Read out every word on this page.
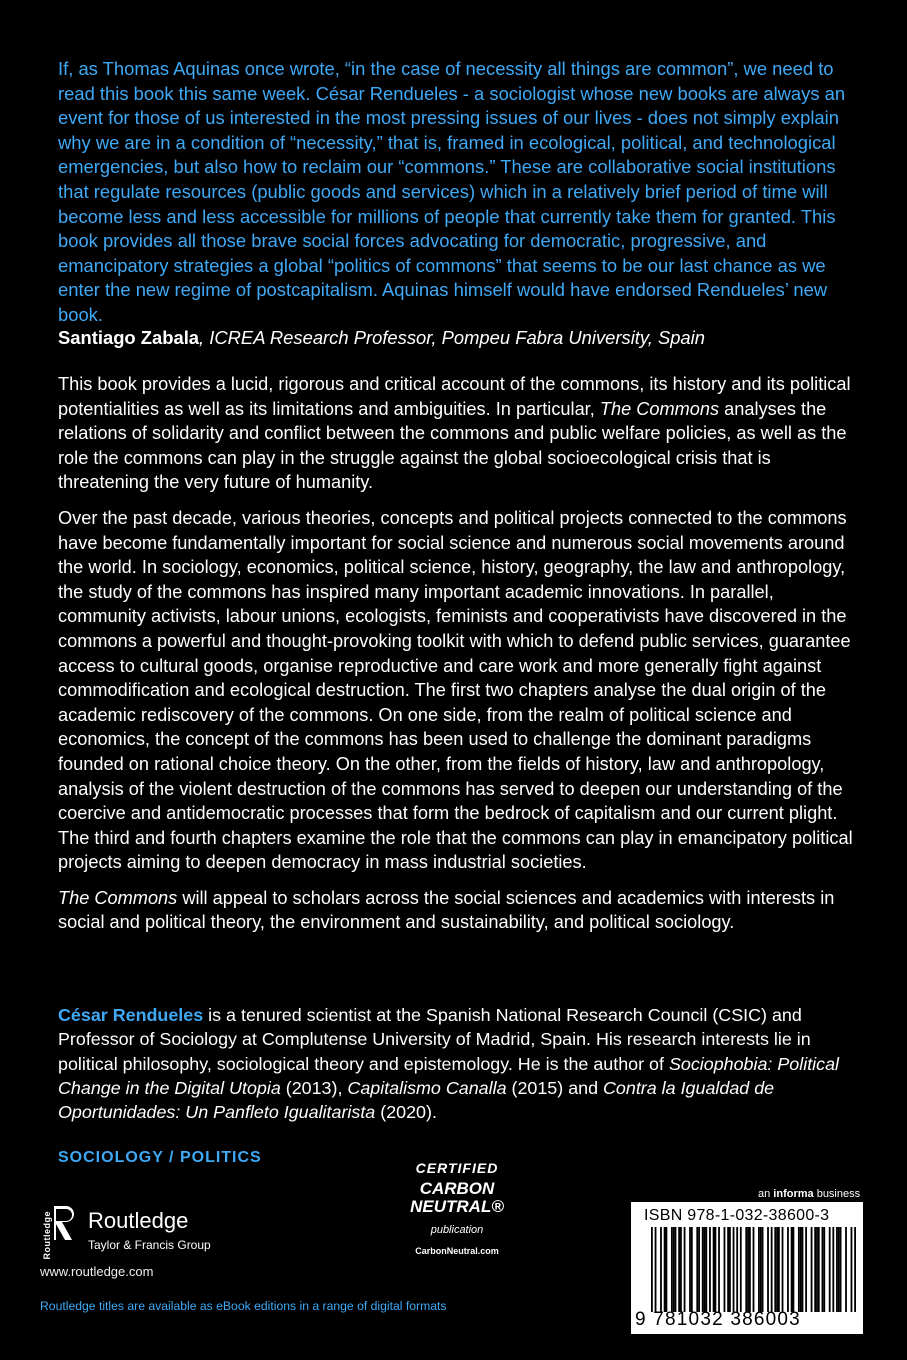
If, as Thomas Aquinas once wrote, “in the case of necessity all things are common”, we need to read this book this same week. César Rendueles - a sociologist whose new books are always an event for those of us interested in the most pressing issues of our lives - does not simply explain why we are in a condition of “necessity,” that is, framed in ecological, political, and technological emergencies, but also how to reclaim our “commons.” These are collaborative social institutions that regulate resources (public goods and services) which in a relatively brief period of time will become less and less accessible for millions of people that currently take them for granted. This book provides all those brave social forces advocating for democratic, progressive, and emancipatory strategies a global “politics of commons” that seems to be our last chance as we enter the new regime of postcapitalism. Aquinas himself would have endorsed Rendueles’ new book.

Santiago Zabala, ICREA Research Professor, Pompeu Fabra University, Spain

This book provides a lucid, rigorous and critical account of the commons, its history and its political potentialities as well as its limitations and ambiguities. In particular, The Commons analyses the relations of solidarity and conflict between the commons and public welfare policies, as well as the role the commons can play in the struggle against the global socioecological crisis that is threatening the very future of humanity.

Over the past decade, various theories, concepts and political projects connected to the commons have become fundamentally important for social science and numerous social movements around the world. In sociology, economics, political science, history, geography, the law and anthropology, the study of the commons has inspired many important academic innovations. In parallel, community activists, labour unions, ecologists, feminists and cooperativists have discovered in the commons a powerful and thought-provoking toolkit with which to defend public services, guarantee access to cultural goods, organise reproductive and care work and more generally fight against commodification and ecological destruction. The first two chapters analyse the dual origin of the academic rediscovery of the commons. On one side, from the realm of political science and economics, the concept of the commons has been used to challenge the dominant paradigms founded on rational choice theory. On the other, from the fields of history, law and anthropology, analysis of the violent destruction of the commons has served to deepen our understanding of the coercive and antidemocratic processes that form the bedrock of capitalism and our current plight. The third and fourth chapters examine the role that the commons can play in emancipatory political projects aiming to deepen democracy in mass industrial societies.

The Commons will appeal to scholars across the social sciences and academics with interests in social and political theory, the environment and sustainability, and political sociology.

César Rendueles is a tenured scientist at the Spanish National Research Council (CSIC) and Professor of Sociology at Complutense University of Madrid, Spain. His research interests lie in political philosophy, sociological theory and epistemology. He is the author of Sociophobia: Political Change in the Digital Utopia (2013), Capitalismo Canalla (2015) and Contra la Igualdad de Oportunidades: Un Panfleto Igualitarista (2020).
SOCIOLOGY / POLITICS
Routledge Routledge
Taylor & Francis Group
www.routledge.com
Routledge titles are available as eBook editions in a range of digital formats
CERTIFIED
CARBON
NEUTRAL®
publication
CarbonNeutral.com
an informa business
ISBN 978-1-032-38600-3
9 781032 386003
